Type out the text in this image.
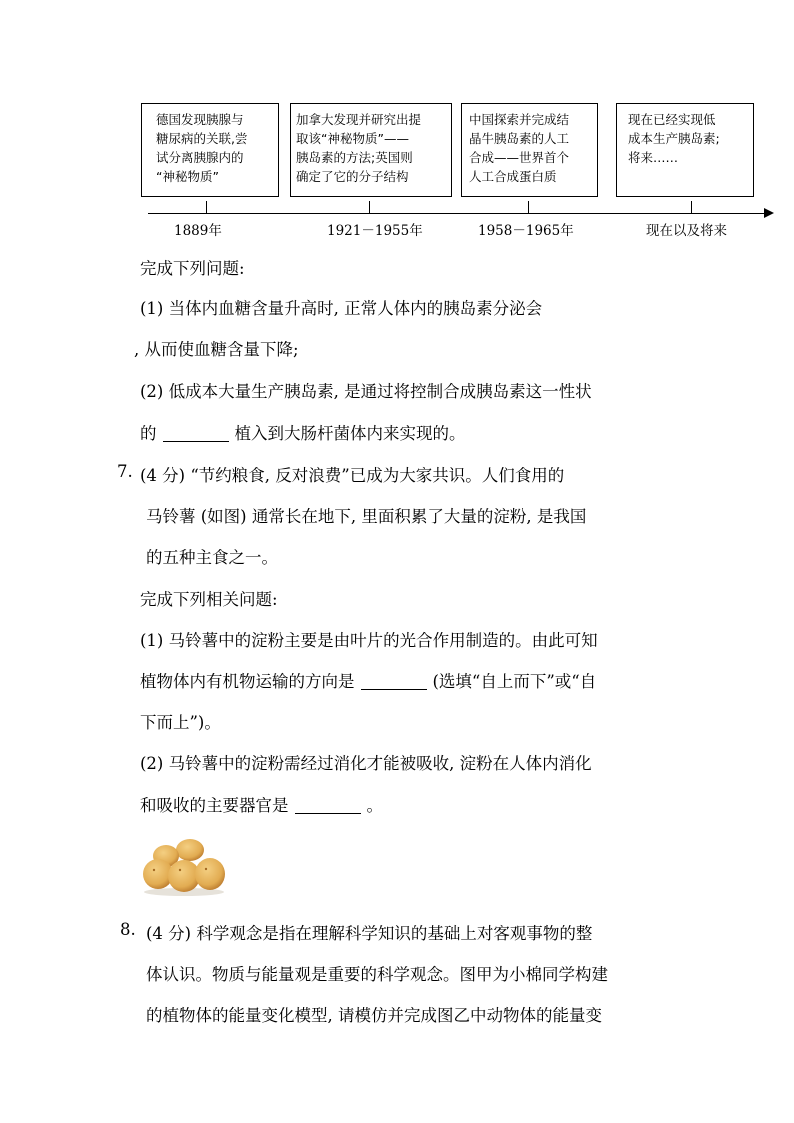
德国发现胰腺与
糖尿病的关联,尝
试分离胰腺内的
“神秘物质”
加拿大发现并研究出提
取该“神秘物质”——
胰岛素的方法;英国则
确定了它的分子结构
中国探索并完成结
晶牛胰岛素的人工
合成——世界首个
人工合成蛋白质
现在已经实现低
成本生产胰岛素;
将来……
1889年	1921－1955年	1958－1965年	现在以及将来
完成下列问题:
(1) 当体内血糖含量升高时, 正常人体内的胰岛素分泌会
, 从而使血糖含量下降;
(2) 低成本大量生产胰岛素, 是通过将控制合成胰岛素这一性状
的	植入到大肠杆菌体内来实现的。
7. (4 分) “节约粮食, 反对浪费”已成为大家共识。人们食用的
马铃薯 (如图) 通常长在地下, 里面积累了大量的淀粉, 是我国
的五种主食之一。
完成下列相关问题:
(1) 马铃薯中的淀粉主要是由叶片的光合作用制造的。由此可知
植物体内有机物运输的方向是	(选填“自上而下”或“自
下而上”)。
(2) 马铃薯中的淀粉需经过消化才能被吸收, 淀粉在人体内消化
和吸收的主要器官是	。
8. (4 分) 科学观念是指在理解科学知识的基础上对客观事物的整
体认识。物质与能量观是重要的科学观念。图甲为小棉同学构建
的植物体的能量变化模型, 请模仿并完成图乙中动物体的能量变
